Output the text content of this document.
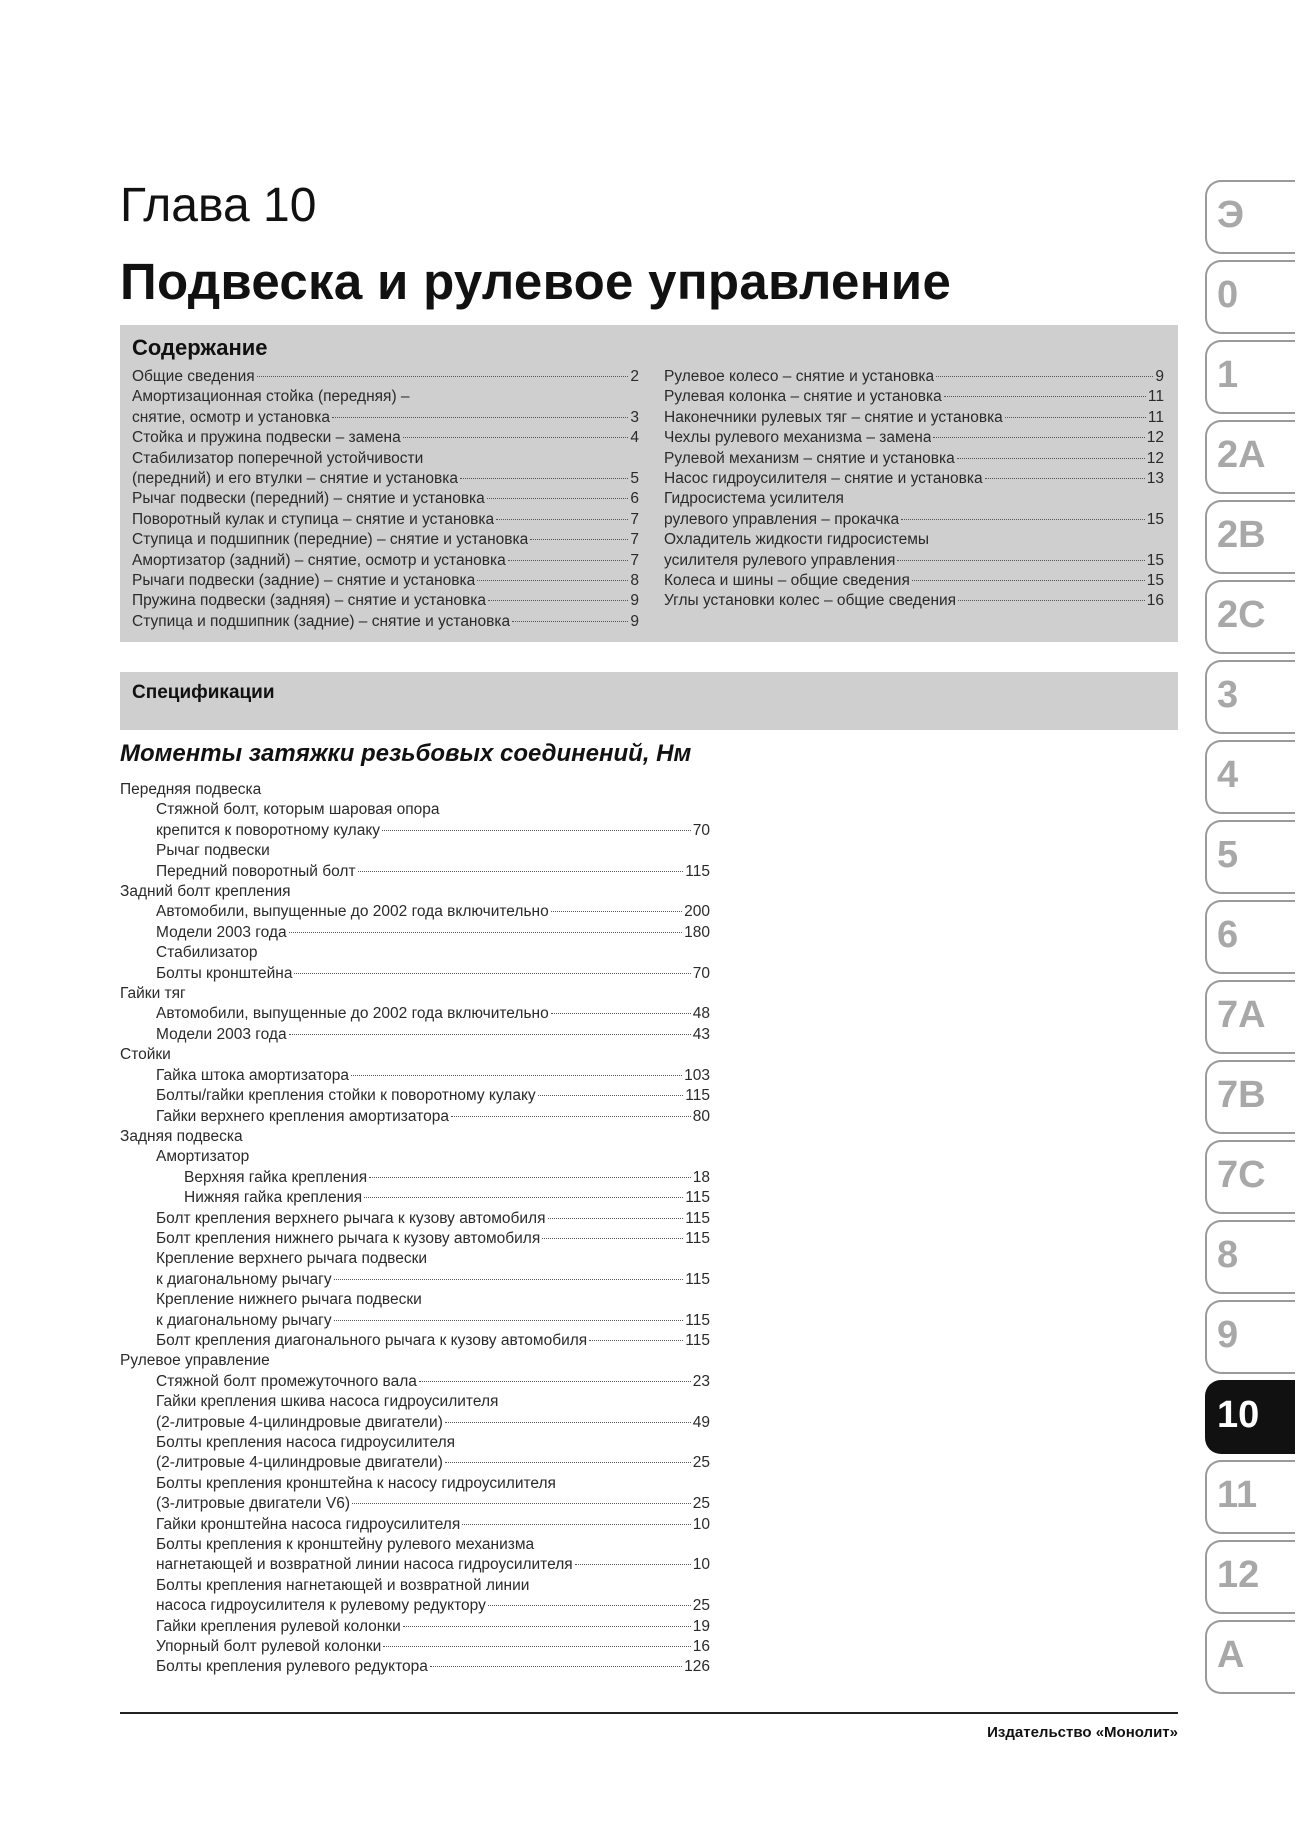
Глава 10
Подвеска и рулевое управление
Содержание
Общие сведения	2
Амортизационная стойка (передняя) –
снятие, осмотр и установка	3
Стойка и пружина подвески – замена	4
Стабилизатор поперечной устойчивости
(передний) и его втулки – снятие и установка	5
Рычаг подвески (передний) – снятие и установка	6
Поворотный кулак и ступица – снятие и установка	7
Ступица и подшипник (передние) – снятие и установка	7
Амортизатор (задний) – снятие, осмотр и установка	7
Рычаги подвески (задние) – снятие и установка	8
Пружина подвески (задняя) – снятие и установка	9
Ступица и подшипник (задние) – снятие и установка	9
Рулевое колесо – снятие и установка	9
Рулевая колонка – снятие и установка	11
Наконечники рулевых тяг – снятие и установка	11
Чехлы рулевого механизма – замена	12
Рулевой механизм – снятие и установка	12
Насос гидроусилителя – снятие и установка	13
Гидросистема усилителя
рулевого управления – прокачка	15
Охладитель жидкости гидросистемы
усилителя рулевого управления	15
Колеса и шины – общие сведения	15
Углы установки колес – общие сведения	16
Спецификации
Моменты затяжки резьбовых соединений, Нм
Передняя подвеска
Стяжной болт, которым шаровая опора
крепится к поворотному кулаку	70
Рычаг подвески
Передний поворотный болт	115
Задний болт крепления
Автомобили, выпущенные до 2002 года включительно	200
Модели 2003 года	180
Стабилизатор
Болты кронштейна	70
Гайки тяг
Автомобили, выпущенные до 2002 года включительно	48
Модели 2003 года	43
Стойки
Гайка штока амортизатора	103
Болты/гайки крепления стойки к поворотному кулаку	115
Гайки верхнего крепления амортизатора	80
Задняя подвеска
Амортизатор
Верхняя гайка крепления	18
Нижняя гайка крепления	115
Болт крепления верхнего рычага к кузову автомобиля	115
Болт крепления нижнего рычага к кузову автомобиля	115
Крепление верхнего рычага подвески
к диагональному рычагу	115
Крепление нижнего рычага подвески
к диагональному рычагу	115
Болт крепления диагонального рычага к кузову автомобиля	115
Рулевое управление
Стяжной болт промежуточного вала	23
Гайки крепления шкива насоса гидроусилителя
(2-литровые 4-цилиндровые двигатели)	49
Болты крепления насоса гидроусилителя
(2-литровые 4-цилиндровые двигатели)	25
Болты крепления кронштейна к насосу гидроусилителя
(3-литровые двигатели V6)	25
Гайки кронштейна насоса гидроусилителя	10
Болты крепления к кронштейну рулевого механизма
нагнетающей и возвратной линии насоса гидроусилителя	10
Болты крепления нагнетающей и возвратной линии
насоса гидроусилителя к рулевому редуктору	25
Гайки крепления рулевой колонки	19
Упорный болт рулевой колонки	16
Болты крепления рулевого редуктора	126
Издательство «Монолит»
Э
0
1
2A
2B
2C
3
4
5
6
7A
7B
7C
8
9
10
11
12
A
